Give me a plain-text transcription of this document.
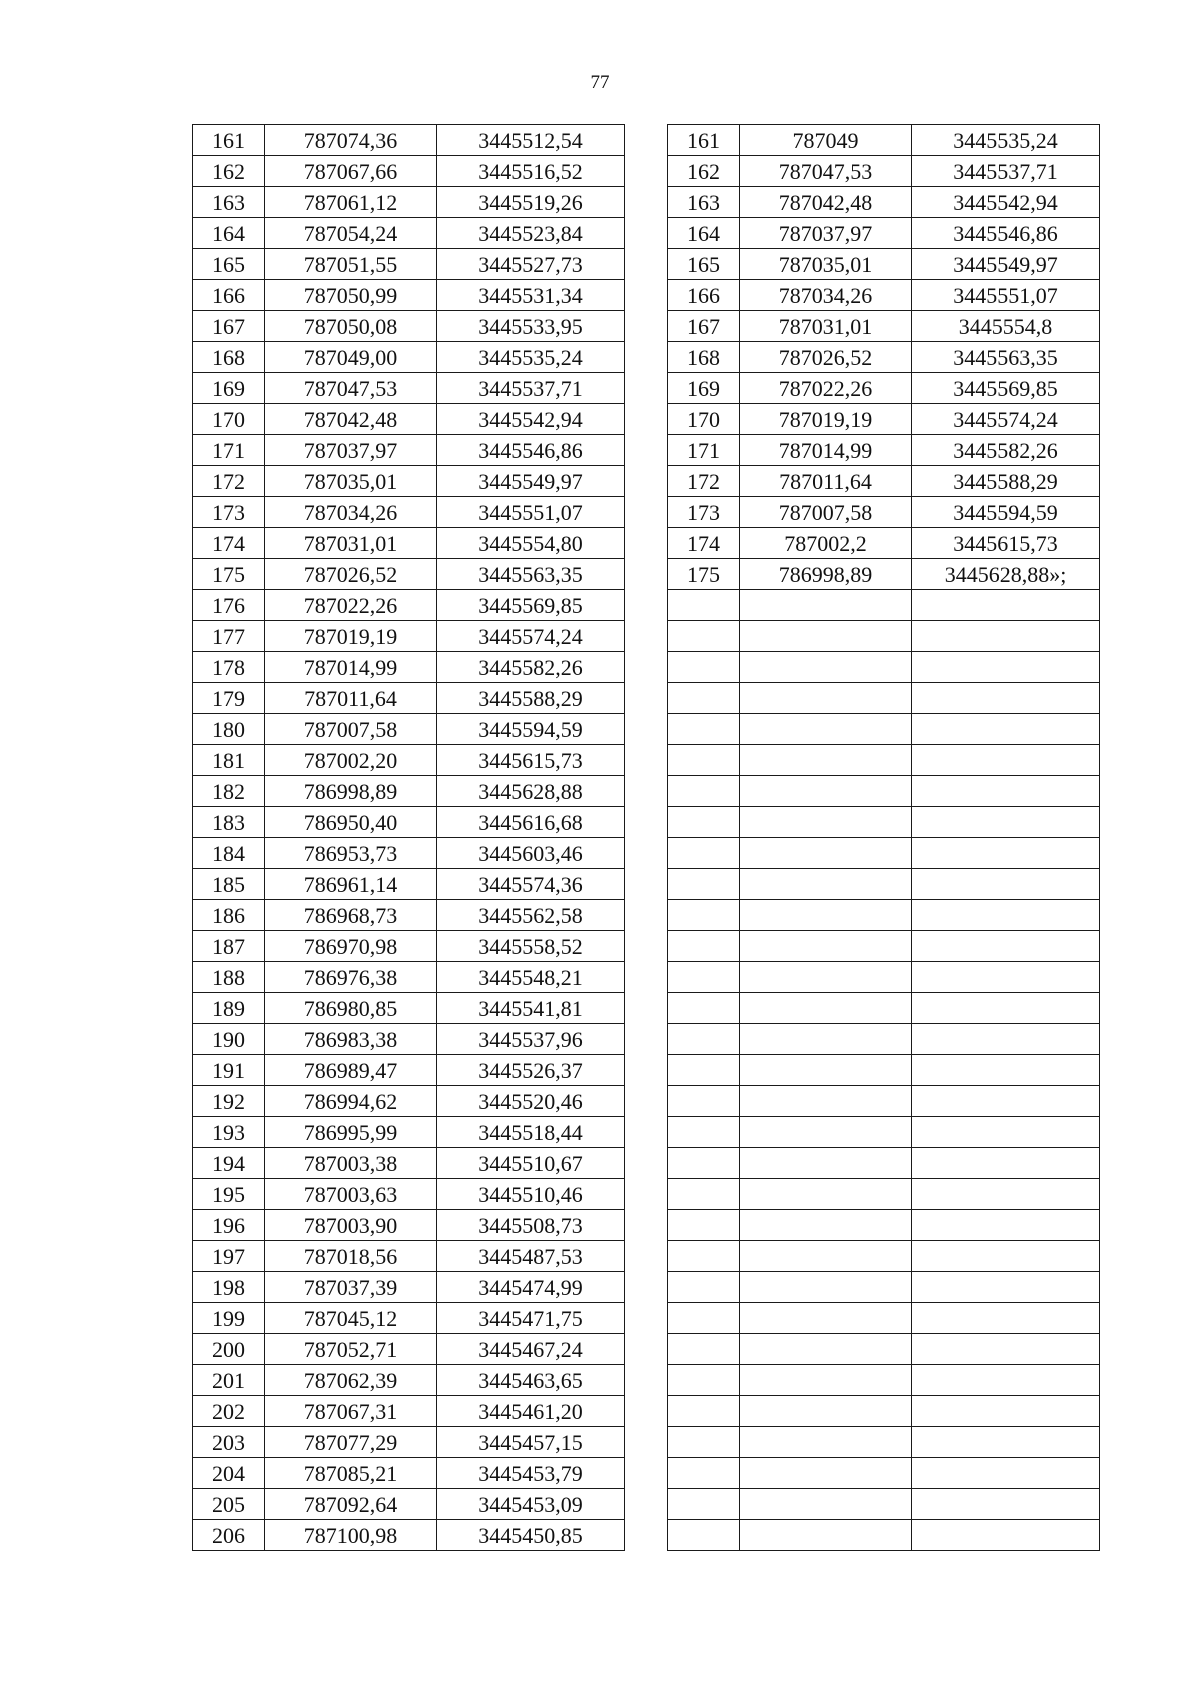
77
161	787074,36	3445512,54		161	787049	3445535,24
162	787067,66	3445516,52		162	787047,53	3445537,71
163	787061,12	3445519,26		163	787042,48	3445542,94
164	787054,24	3445523,84		164	787037,97	3445546,86
165	787051,55	3445527,73		165	787035,01	3445549,97
166	787050,99	3445531,34		166	787034,26	3445551,07
167	787050,08	3445533,95		167	787031,01	3445554,8
168	787049,00	3445535,24		168	787026,52	3445563,35
169	787047,53	3445537,71		169	787022,26	3445569,85
170	787042,48	3445542,94		170	787019,19	3445574,24
171	787037,97	3445546,86		171	787014,99	3445582,26
172	787035,01	3445549,97		172	787011,64	3445588,29
173	787034,26	3445551,07		173	787007,58	3445594,59
174	787031,01	3445554,80		174	787002,2	3445615,73
175	787026,52	3445563,35		175	786998,89	3445628,88»;
176	787022,26	3445569,85				
177	787019,19	3445574,24				
178	787014,99	3445582,26				
179	787011,64	3445588,29				
180	787007,58	3445594,59				
181	787002,20	3445615,73				
182	786998,89	3445628,88				
183	786950,40	3445616,68				
184	786953,73	3445603,46				
185	786961,14	3445574,36				
186	786968,73	3445562,58				
187	786970,98	3445558,52				
188	786976,38	3445548,21				
189	786980,85	3445541,81				
190	786983,38	3445537,96				
191	786989,47	3445526,37				
192	786994,62	3445520,46				
193	786995,99	3445518,44				
194	787003,38	3445510,67				
195	787003,63	3445510,46				
196	787003,90	3445508,73				
197	787018,56	3445487,53				
198	787037,39	3445474,99				
199	787045,12	3445471,75				
200	787052,71	3445467,24				
201	787062,39	3445463,65				
202	787067,31	3445461,20				
203	787077,29	3445457,15				
204	787085,21	3445453,79				
205	787092,64	3445453,09				
206	787100,98	3445450,85				
